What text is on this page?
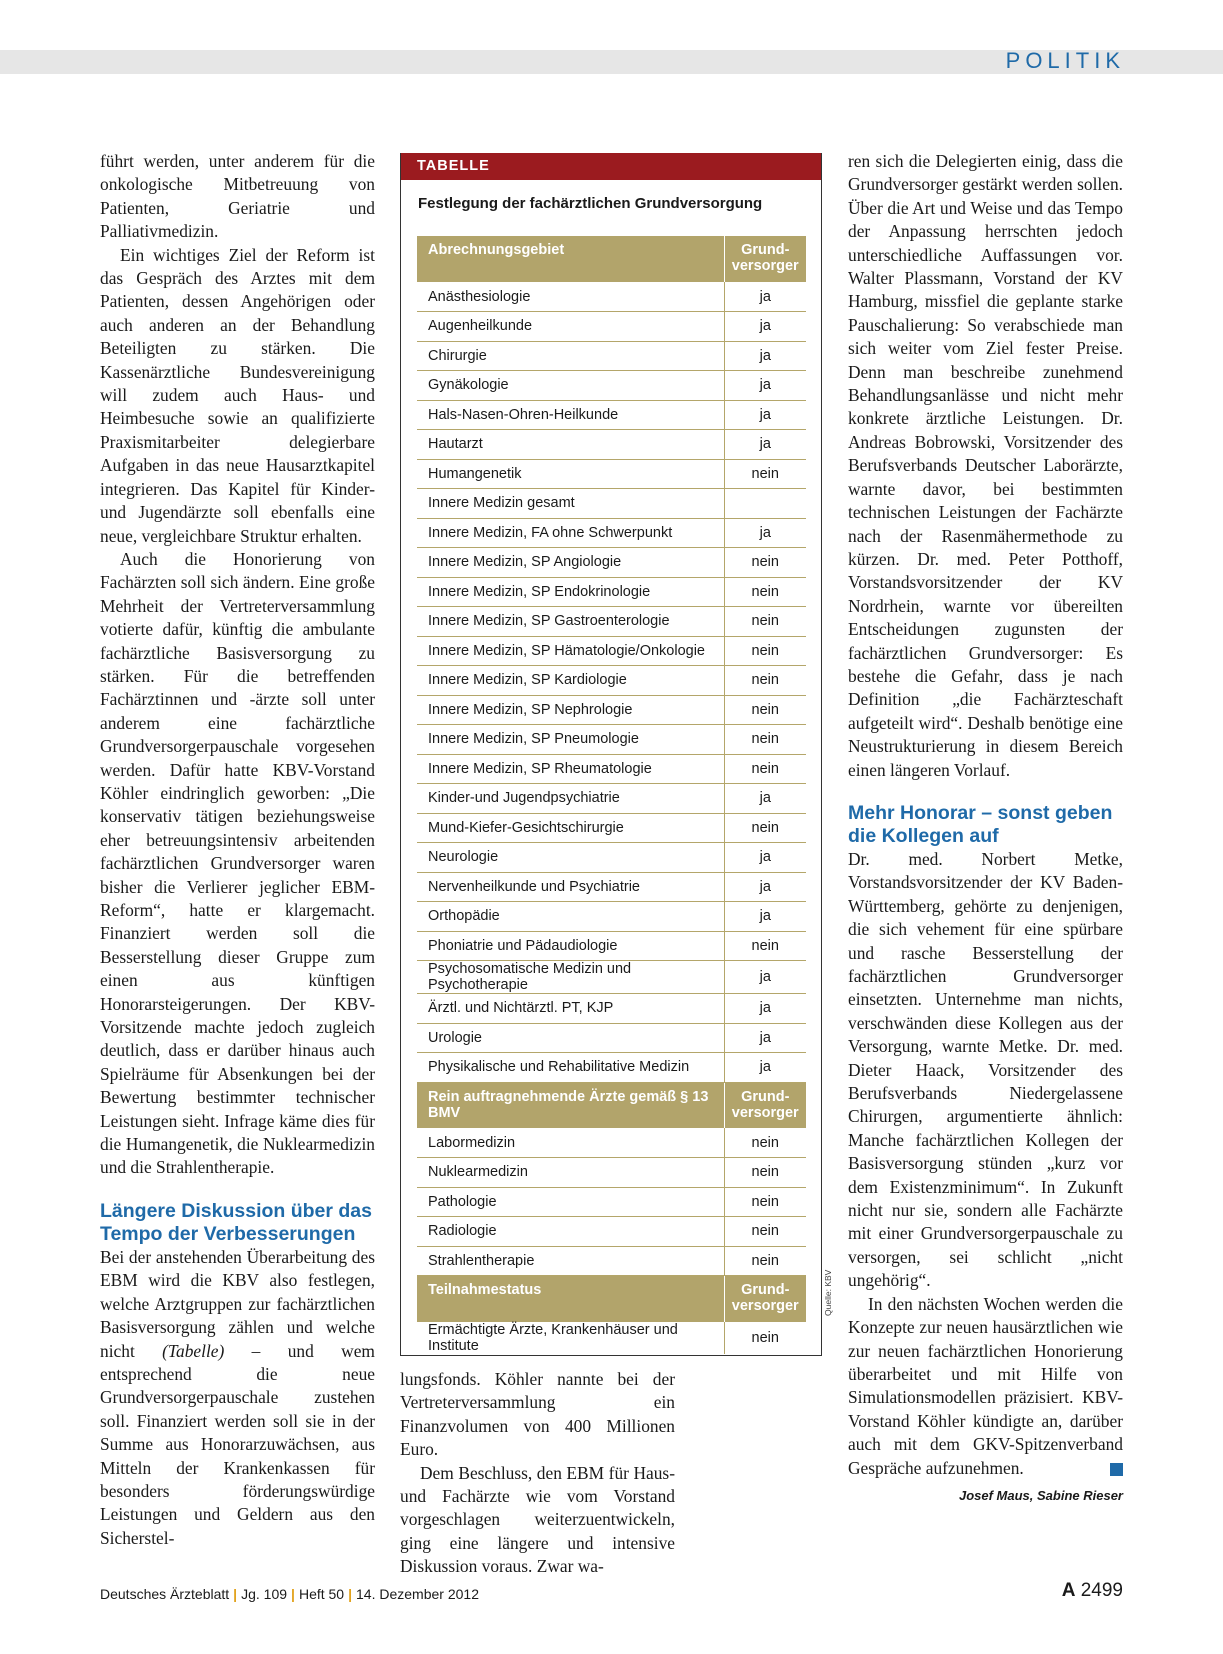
POLITIK

führt werden, unter anderem für die onkologische Mitbetreuung von Patienten, Geriatrie und Palliativmedizin.

Ein wichtiges Ziel der Reform ist das Gespräch des Arztes mit dem Patienten, dessen Angehörigen oder auch anderen an der Behandlung Beteiligten zu stärken. Die Kassenärztliche Bundesvereinigung will zudem auch Haus- und Heimbesuche sowie an qualifizierte Praxismitarbeiter delegierbare Aufgaben in das neue Hausarztkapitel integrieren. Das Kapitel für Kinder- und Jugendärzte soll ebenfalls eine neue, vergleichbare Struktur erhalten.

Auch die Honorierung von Fachärzten soll sich ändern. Eine große Mehrheit der Vertreterversammlung votierte dafür, künftig die ambulante fachärztliche Basisversorgung zu stärken. Für die betreffenden Fachärztinnen und -ärzte soll unter anderem eine fachärztliche Grundversorgerpauschale vorgesehen werden. Dafür hatte KBV-Vorstand Köhler eindringlich geworben: „Die konservativ tätigen beziehungsweise eher betreuungsintensiv arbeitenden fachärztlichen Grundversorger waren bisher die Verlierer jeglicher EBM-Reform“, hatte er klargemacht. Finanziert werden soll die Besserstellung dieser Gruppe zum einen aus künftigen Honorarsteigerungen. Der KBV-Vorsitzende machte jedoch zugleich deutlich, dass er darüber hinaus auch Spielräume für Absenkungen bei der Bewertung bestimmter technischer Leistungen sieht. Infrage käme dies für die Humangenetik, die Nuklearmedizin und die Strahlentherapie.

Längere Diskussion über das Tempo der Verbesserungen

Bei der anstehenden Überarbeitung des EBM wird die KBV also festlegen, welche Arztgruppen zur fachärztlichen Basisversorgung zählen und welche nicht (Tabelle) – und wem entsprechend die neue Grundversorgerpauschale zustehen soll. Finanziert werden soll sie in der Summe aus Honorarzuwächsen, aus Mitteln der Krankenkassen für besonders förderungswürdige Leistungen und Geldern aus den Sicherstel-

TABELLE
Festlegung der fachärztlichen Grundversorgung
Abrechnungsgebiet	Grund-
versorger

Anästhesiologie	ja
Augenheilkunde	ja
Chirurgie	ja
Gynäkologie	ja
Hals-Nasen-Ohren-Heilkunde	ja
Hautarzt	ja
Humangenetik	nein
Innere Medizin gesamt	
Innere Medizin, FA ohne Schwerpunkt	ja
Innere Medizin, SP Angiologie	nein
Innere Medizin, SP Endokrinologie	nein
Innere Medizin, SP Gastroenterologie	nein
Innere Medizin, SP Hämatologie/Onkologie	nein
Innere Medizin, SP Kardiologie	nein
Innere Medizin, SP Nephrologie	nein
Innere Medizin, SP Pneumologie	nein
Innere Medizin, SP Rheumatologie	nein
Kinder-und Jugendpsychiatrie	ja
Mund-Kiefer-Gesichtschirurgie	nein
Neurologie	ja
Nervenheilkunde und Psychiatrie	ja
Orthopädie	ja
Phoniatrie und Pädaudiologie	nein
Psychosomatische Medizin und Psychotherapie	ja
Ärztl. und Nichtärztl. PT, KJP	ja
Urologie	ja
Physikalische und Rehabilitative Medizin	ja
Rein auftragnehmende Ärzte gemäß § 13 BMV	Grund-
versorger

Labormedizin	nein
Nuklearmedizin	nein
Pathologie	nein
Radiologie	nein
Strahlentherapie	nein
Teilnahmestatus	Grund-
versorger

Ermächtigte Ärzte, Krankenhäuser und Institute	nein
Quelle: KBV

lungsfonds. Köhler nannte bei der Vertreterversammlung ein Finanzvolumen von 400 Millionen Euro.

Dem Beschluss, den EBM für Haus- und Fachärzte wie vom Vorstand vorgeschlagen weiterzuentwickeln, ging eine längere und intensive Diskussion voraus. Zwar wa-

ren sich die Delegierten einig, dass die Grundversorger gestärkt werden sollen. Über die Art und Weise und das Tempo der Anpassung herrschten jedoch unterschiedliche Auffassungen vor. Walter Plassmann, Vorstand der KV Hamburg, missfiel die geplante starke Pauschalierung: So verabschiede man sich weiter vom Ziel fester Preise. Denn man beschreibe zunehmend Behandlungsanlässe und nicht mehr konkrete ärztliche Leistungen. Dr. Andreas Bobrowski, Vorsitzender des Berufsverbands Deutscher Laborärzte, warnte davor, bei bestimmten technischen Leistungen der Fachärzte nach der Rasenmähermethode zu kürzen. Dr. med. Peter Potthoff, Vorstandsvorsitzender der KV Nordrhein, warnte vor übereilten Entscheidungen zugunsten der fachärztlichen Grundversorger: Es bestehe die Gefahr, dass je nach Definition „die Fachärzteschaft aufgeteilt wird“. Deshalb benötige eine Neustrukturierung in diesem Bereich einen längeren Vorlauf.

Mehr Honorar – sonst geben die Kollegen auf

Dr. med. Norbert Metke, Vorstandsvorsitzender der KV Baden-Württemberg, gehörte zu denjenigen, die sich vehement für eine spürbare und rasche Besserstellung der fachärztlichen Grundversorger einsetzten. Unternehme man nichts, verschwänden diese Kollegen aus der Versorgung, warnte Metke. Dr. med. Dieter Haack, Vorsitzender des Berufsverbands Niedergelassene Chirurgen, argumentierte ähnlich: Manche fachärztlichen Kollegen der Basisversorgung stünden „kurz vor dem Existenzminimum“. In Zukunft nicht nur sie, sondern alle Fachärzte mit einer Grundversorgerpauschale zu versorgen, sei schlicht „nicht ungehörig“.

In den nächsten Wochen werden die Konzepte zur neuen hausärztlichen wie zur neuen fachärztlichen Honorierung überarbeitet und mit Hilfe von Simulationsmodellen präzisiert. KBV-Vorstand Köhler kündigte an, darüber auch mit dem GKV-Spitzenverband Gespräche aufzunehmen.

Josef Maus, Sabine Rieser
Deutsches Ärzteblatt | Jg. 109 | Heft 50 | 14. Dezember 2012	A 2499
